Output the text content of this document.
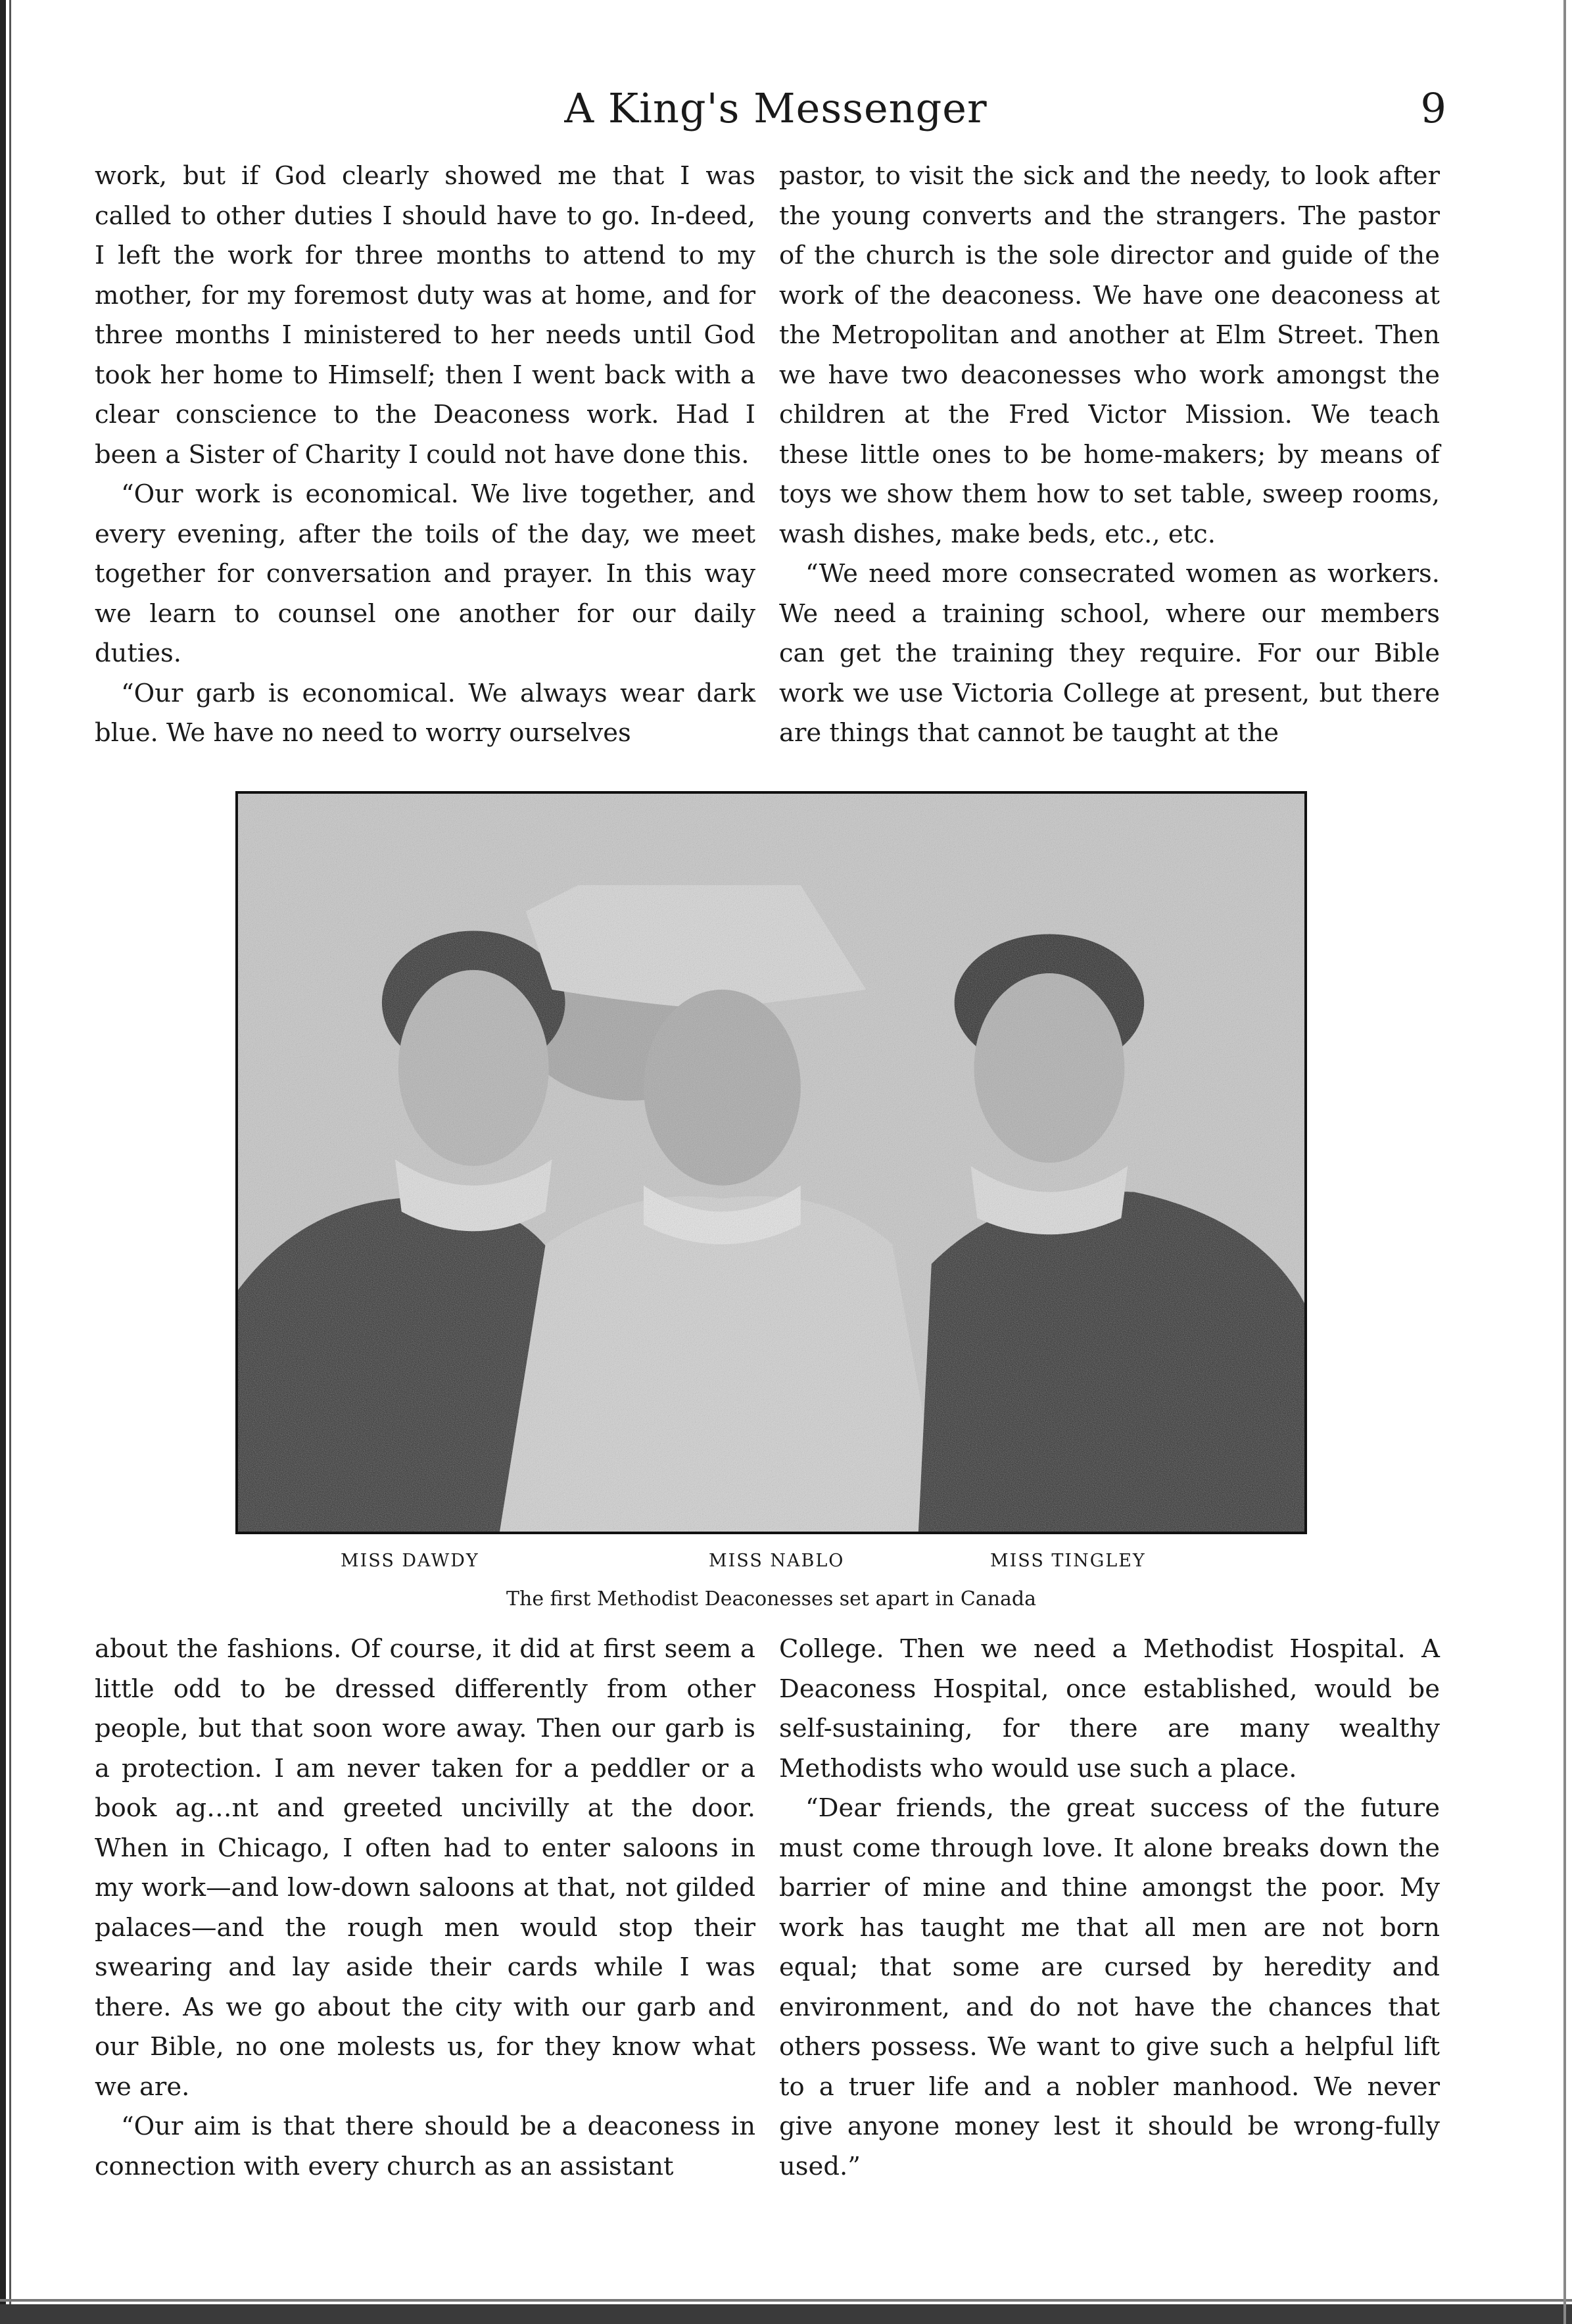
A King's Messenger	9

work, but if God clearly showed me that I was called to other duties I should have to go. In-deed, I left the work for three months to attend to my mother, for my foremost duty was at home, and for three months I ministered to her needs until God took her home to Himself; then I went back with a clear conscience to the Deaconess work. Had I been a Sister of Charity I could not have done this.

“Our work is economical. We live together, and every evening, after the toils of the day, we meet together for conversation and prayer. In this way we learn to counsel one another for our daily duties.

“Our garb is economical. We always wear dark blue. We have no need to worry ourselves

pastor, to visit the sick and the needy, to look after the young converts and the strangers. The pastor of the church is the sole director and guide of the work of the deaconess. We have one deaconess at the Metropolitan and another at Elm Street. Then we have two deaconesses who work amongst the children at the Fred Victor Mission. We teach these little ones to be home-makers; by means of toys we show them how to set table, sweep rooms, wash dishes, make beds, etc., etc.

“We need more consecrated women as workers. We need a training school, where our members can get the training they require. For our Bible work we use Victoria College at present, but there are things that cannot be taught at the

MISS DAWDY	MISS NABLO	MISS TINGLEY
The first Methodist Deaconesses set apart in Canada

about the fashions. Of course, it did at first seem a little odd to be dressed differently from other people, but that soon wore away. Then our garb is a protection. I am never taken for a peddler or a book ag…nt and greeted uncivilly at the door. When in Chicago, I often had to enter saloons in my work—and low-down saloons at that, not gilded palaces—and the rough men would stop their swearing and lay aside their cards while I was there. As we go about the city with our garb and our Bible, no one molests us, for they know what we are.

“Our aim is that there should be a deaconess in connection with every church as an assistant

College. Then we need a Methodist Hospital. A Deaconess Hospital, once established, would be self-sustaining, for there are many wealthy Methodists who would use such a place.

“Dear friends, the great success of the future must come through love. It alone breaks down the barrier of mine and thine amongst the poor. My work has taught me that all men are not born equal; that some are cursed by heredity and environment, and do not have the chances that others possess. We want to give such a helpful lift to a truer life and a nobler manhood. We never give anyone money lest it should be wrong-fully used.”
